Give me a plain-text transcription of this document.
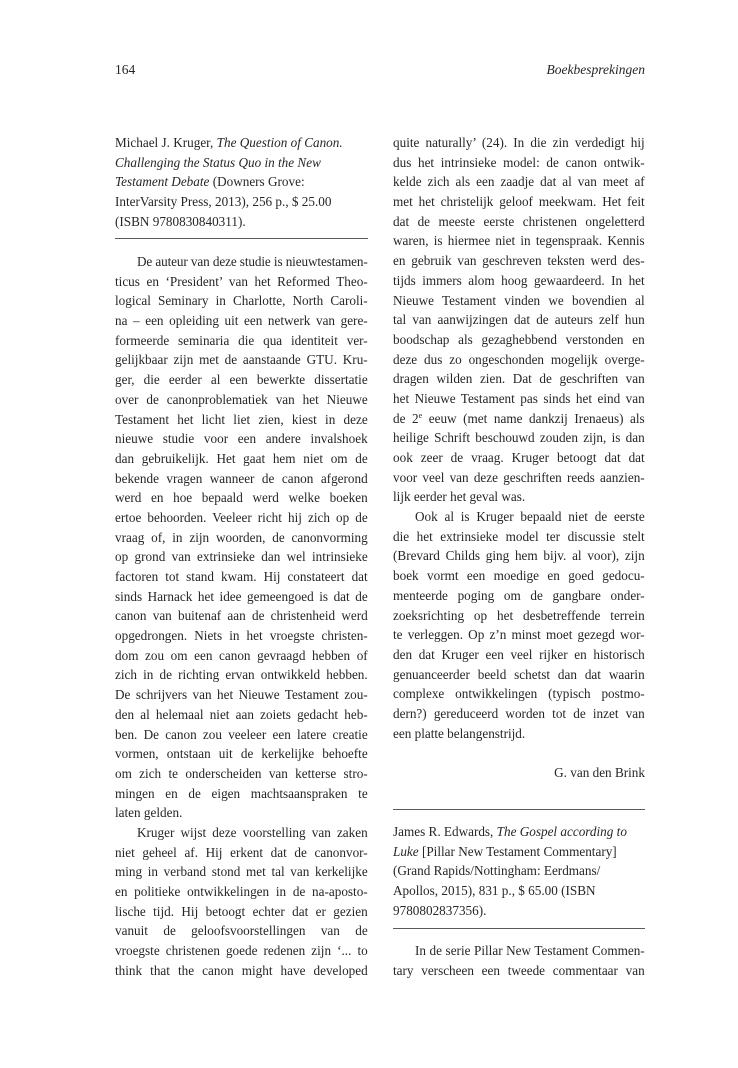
164	Boekbesprekingen
Michael J. Kruger, The Question of Canon.
Challenging the Status Quo in the New
Testament Debate (Downers Grove:
InterVarsity Press, 2013), 256 p., $ 25.00
(ISBN 9780830840311).
De auteur van deze studie is nieuwtestamen-
ticus en ‘President’ van het Reformed Theo-
logical Seminary in Charlotte, North Caroli-
na – een opleiding uit een netwerk van gere-
formeerde seminaria die qua identiteit ver-
gelijkbaar zijn met de aanstaande GTU. Kru-
ger, die eerder al een bewerkte dissertatie
over de canonproblematiek van het Nieuwe
Testament het licht liet zien, kiest in deze
nieuwe studie voor een andere invalshoek
dan gebruikelijk. Het gaat hem niet om de
bekende vragen wanneer de canon afgerond
werd en hoe bepaald werd welke boeken
ertoe behoorden. Veeleer richt hij zich op de
vraag of, in zijn woorden, de canonvorming
op grond van extrinsieke dan wel intrinsieke
factoren tot stand kwam. Hij constateert dat
sinds Harnack het idee gemeengoed is dat de
canon van buitenaf aan de christenheid werd
opgedrongen. Niets in het vroegste christen-
dom zou om een canon gevraagd hebben of
zich in de richting ervan ontwikkeld hebben.
De schrijvers van het Nieuwe Testament zou-
den al helemaal niet aan zoiets gedacht heb-
ben. De canon zou veeleer een latere creatie
vormen, ontstaan uit de kerkelijke behoefte
om zich te onderscheiden van ketterse stro-
mingen en de eigen machtsaanspraken te
laten gelden.
Kruger wijst deze voorstelling van zaken
niet geheel af. Hij erkent dat de canonvor-
ming in verband stond met tal van kerkelijke
en politieke ontwikkelingen in de na-aposto-
lische tijd. Hij betoogt echter dat er gezien
vanuit de geloofsvoorstellingen van de
vroegste christenen goede redenen zijn ‘... to
think that the canon might have developed
quite naturally’ (24). In die zin verdedigt hij
dus het intrinsieke model: de canon ontwik-
kelde zich als een zaadje dat al van meet af
met het christelijk geloof meekwam. Het feit
dat de meeste eerste christenen ongeletterd
waren, is hiermee niet in tegenspraak. Kennis
en gebruik van geschreven teksten werd des-
tijds immers alom hoog gewaardeerd. In het
Nieuwe Testament vinden we bovendien al
tal van aanwijzingen dat de auteurs zelf hun
boodschap als gezaghebbend verstonden en
deze dus zo ongeschonden mogelijk overge-
dragen wilden zien. Dat de geschriften van
het Nieuwe Testament pas sinds het eind van
de 2e eeuw (met name dankzij Irenaeus) als
heilige Schrift beschouwd zouden zijn, is dan
ook zeer de vraag. Kruger betoogt dat dat
voor veel van deze geschriften reeds aanzien-
lijk eerder het geval was.
Ook al is Kruger bepaald niet de eerste
die het extrinsieke model ter discussie stelt
(Brevard Childs ging hem bijv. al voor), zijn
boek vormt een moedige en goed gedocu-
menteerde poging om de gangbare onder-
zoeksrichting op het desbetreffende terrein
te verleggen. Op z’n minst moet gezegd wor-
den dat Kruger een veel rijker en historisch
genuanceerder beeld schetst dan dat waarin
complexe ontwikkelingen (typisch postmo-
dern?) gereduceerd worden tot de inzet van
een platte belangenstrijd.
G. van den Brink
James R. Edwards, The Gospel according to
Luke [Pillar New Testament Commentary]
(Grand Rapids/Nottingham: Eerdmans/
Apollos, 2015), 831 p., $ 65.00 (ISBN
9780802837356).
In de serie Pillar New Testament Commen-
tary verscheen een tweede commentaar van
